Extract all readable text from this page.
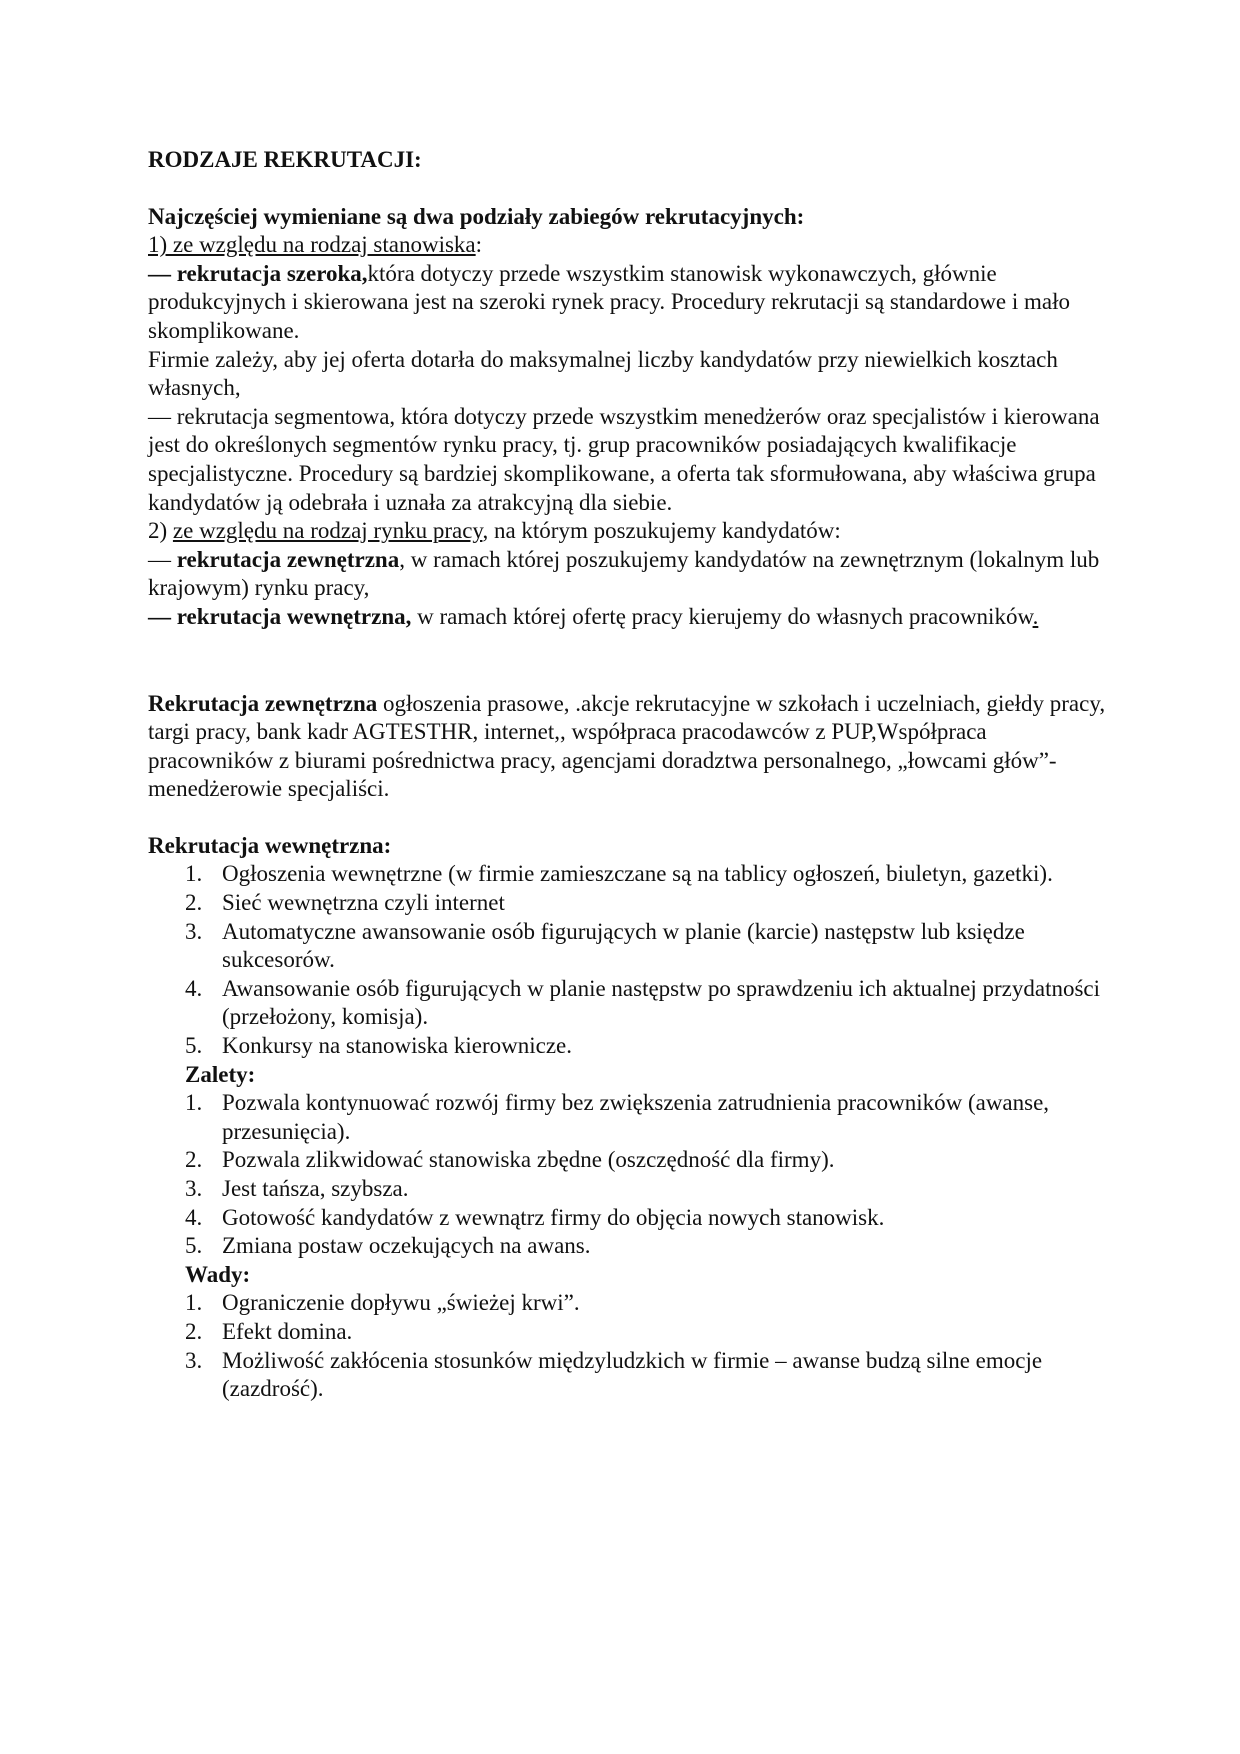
RODZAJE REKRUTACJI:

Najczęściej wymieniane są dwa podziały zabiegów rekrutacyjnych:

1) ze względu na rodzaj stanowiska:

— rekrutacja szeroka,która dotyczy przede wszystkim stanowisk wykonawczych, głównie produkcyjnych i skierowana jest na szeroki rynek pracy. Procedury rekrutacji są standardowe i mało skomplikowane.

Firmie zależy, aby jej oferta dotarła do maksymalnej liczby kandydatów przy niewielkich kosztach własnych,

— rekrutacja segmentowa, która dotyczy przede wszystkim menedżerów oraz specjalistów i kierowana jest do określonych segmentów rynku pracy, tj. grup pracowników posiadających kwalifikacje specjalistyczne. Procedury są bardziej skomplikowane, a oferta tak sformułowana, aby właściwa grupa kandydatów ją odebrała i uznała za atrakcyjną dla siebie.

2) ze względu na rodzaj rynku pracy, na którym poszukujemy kandydatów:

— rekrutacja zewnętrzna, w ramach której poszukujemy kandydatów na zewnętrznym (lokalnym lub krajowym) rynku pracy,

— rekrutacja wewnętrzna, w ramach której ofertę pracy kierujemy do własnych pracowników.

Rekrutacja zewnętrzna ogłoszenia prasowe, .akcje rekrutacyjne w szkołach i uczelniach, giełdy pracy, targi pracy, bank kadr AGTESTHR, internet,, współpraca pracodawców z PUP,Współpraca pracowników z biurami pośrednictwa pracy, agencjami doradztwa personalnego, „łowcami głów”-menedżerowie specjaliści.

Rekrutacja wewnętrzna:

1. Ogłoszenia wewnętrzne (w firmie zamieszczane są na tablicy ogłoszeń, biuletyn, gazetki).
2. Sieć wewnętrzna czyli internet
3. Automatyczne awansowanie osób figurujących w planie (karcie) następstw lub księdze sukcesorów.
4. Awansowanie osób figurujących w planie następstw po sprawdzeniu ich aktualnej przydatności (przełożony, komisja).
5. Konkursy na stanowiska kierownicze.

Zalety:

1. Pozwala kontynuować rozwój firmy bez zwiększenia zatrudnienia pracowników (awanse, przesunięcia).
2. Pozwala zlikwidować stanowiska zbędne (oszczędność dla firmy).
3. Jest tańsza, szybsza.
4. Gotowość kandydatów z wewnątrz firmy do objęcia nowych stanowisk.
5. Zmiana postaw oczekujących na awans.

Wady:

1. Ograniczenie dopływu „świeżej krwi”.
2. Efekt domina.
3. Możliwość zakłócenia stosunków międzyludzkich w firmie – awanse budzą silne emocje (zazdrość).
